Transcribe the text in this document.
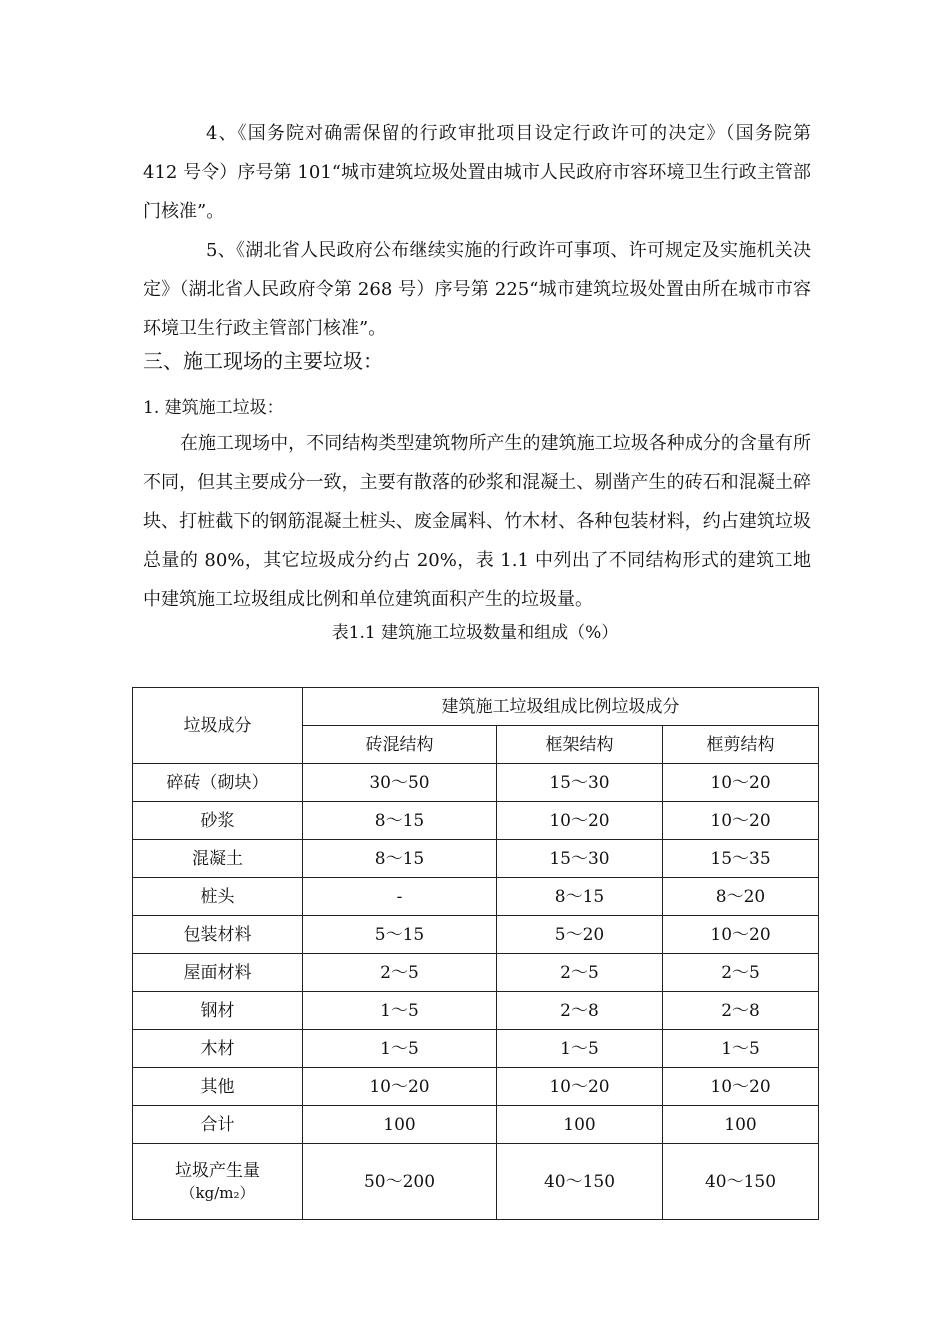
4、《国务院对确需保留的行政审批项目设定行政许可的决定》（国务院第 412 号令）序号第 101“城市建筑垃圾处置由城市人民政府市容环境卫生行政主管部门核准”。

5、《湖北省人民政府公布继续实施的行政许可事项、许可规定及实施机关决定》（湖北省人民政府令第 268 号）序号第 225“城市建筑垃圾处置由所在城市市容环境卫生行政主管部门核准”。

三、施工现场的主要垃圾：

1. 建筑施工垃圾：

在施工现场中，不同结构类型建筑物所产生的建筑施工垃圾各种成分的含量有所不同，但其主要成分一致，主要有散落的砂浆和混凝土、剔凿产生的砖石和混凝土碎块、打桩截下的钢筋混凝土桩头、废金属料、竹木材、各种包装材料，约占建筑垃圾总量的 80%，其它垃圾成分约占 20%，表 1.1 中列出了不同结构形式的建筑工地中建筑施工垃圾组成比例和单位建筑面积产生的垃圾量。

表1.1 建筑施工垃圾数量和组成（%）

垃圾成分	建筑施工垃圾组成比例垃圾成分		
	砖混结构	框架结构	框剪结构
碎砖（砌块）	30～50	15～30	10～20
砂浆	8～15	10～20	10～20
混凝土	8～15	15～30	15～35
桩头	-	8～15	8～20
包装材料	5～15	5～20	10～20
屋面材料	2～5	2～5	2～5
钢材	1～5	2～8	2～8
木材	1～5	1～5	1～5
其他	10～20	10～20	10～20
合计	100	100	100

垃圾产生量
（kg/m₂）	50～200	40～150	40～150
